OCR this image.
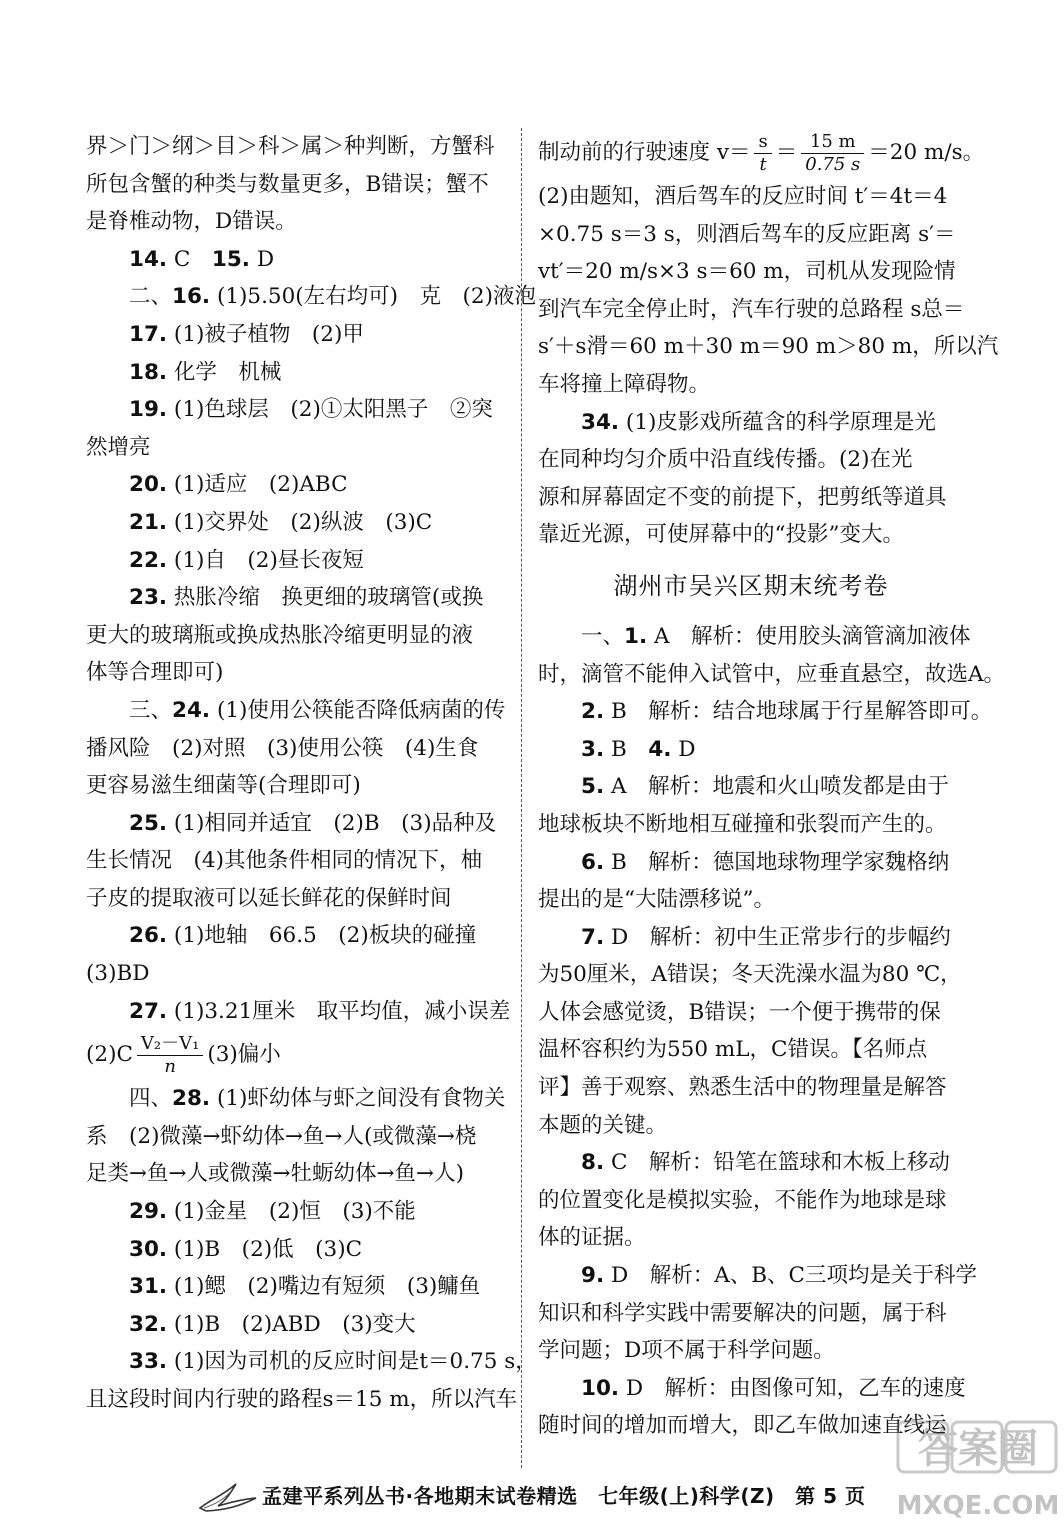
界＞门＞纲＞目＞科＞属＞种判断，方蟹科
所包含蟹的种类与数量更多，B错误；蟹不
是脊椎动物，D错误。
14. C　15. D
二、16. (1)5.50(左右均可)　克　(2)液泡
17. (1)被子植物　(2)甲
18. 化学　机械
19. (1)色球层　(2)①太阳黑子　②突
然增亮
20. (1)适应　(2)ABC
21. (1)交界处　(2)纵波　(3)C
22. (1)自　(2)昼长夜短
23. 热胀冷缩　换更细的玻璃管(或换
更大的玻璃瓶或换成热胀冷缩更明显的液
体等合理即可)
三、24. (1)使用公筷能否降低病菌的传
播风险　(2)对照　(3)使用公筷　(4)生食
更容易滋生细菌等(合理即可)
25. (1)相同并适宜　(2)B　(3)品种及
生长情况　(4)其他条件相同的情况下，柚
子皮的提取液可以延长鲜花的保鲜时间
26. (1)地轴　66.5　(2)板块的碰撞
(3)BD
27. (1)3.21厘米　取平均值，减小误差
$(2)C \frac{\text{V₂－V₁}}{n} (3)$偏小
四、28. (1)虾幼体与虾之间没有食物关
系　(2)微藻→虾幼体→鱼→人(或微藻→桡
足类→鱼→人或微藻→牡蛎幼体→鱼→人)
29. (1)金星　(2)恒　(3)不能
30. (1)B　(2)低　(3)C
31. (1)鳃　(2)嘴边有短须　(3)鳙鱼
32. (1)B　(2)ABD　(3)变大
33. (1)因为司机的反应时间是t＝0.75 s，
且这段时间内行驶的路程s＝15 m，所以汽车
制动前的行驶速度 $v= \frac{s}{t} = \frac{15 m}{0.75 s} =20$ m/s。
(2)由题知，酒后驾车的反应时间 t′＝4t＝4
×0.75 s＝3 s，则酒后驾车的反应距离 s′＝
vt′＝20 m/s×3 s＝60 m，司机从发现险情
到汽车完全停止时，汽车行驶的总路程 s总＝
s′＋s滑＝60 m＋30 m＝90 m＞80 m，所以汽
车将撞上障碍物。
34. (1)皮影戏所蕴含的科学原理是光
在同种均匀介质中沿直线传播。(2)在光
源和屏幕固定不变的前提下，把剪纸等道具
靠近光源，可使屏幕中的“投影”变大。
湖州市吴兴区期末统考卷
一、1. A　解析：使用胶头滴管滴加液体
时，滴管不能伸入试管中，应垂直悬空，故选A。
2. B　解析：结合地球属于行星解答即可。
3. B　4. D
5. A　解析：地震和火山喷发都是由于
地球板块不断地相互碰撞和张裂而产生的。
6. B　解析：德国地球物理学家魏格纳
提出的是“大陆漂移说”。
7. D　解析：初中生正常步行的步幅约
为50厘米，A错误；冬天洗澡水温为80 ℃，
人体会感觉烫，B错误；一个便于携带的保
温杯容积约为550 mL，C错误。【名师点
评】善于观察、熟悉生活中的物理量是解答
本题的关键。
8. C　解析：铅笔在篮球和木板上移动
的位置变化是模拟实验，不能作为地球是球
体的证据。
9. D　解析：A、B、C三项均是关于科学
知识和科学实践中需要解决的问题，属于科
学问题；D项不属于科学问题。
10. D　解析：由图像可知，乙车的速度
随时间的增加而增大，即乙车做加速直线运
孟建平系列丛书·各地期末试卷精选　七年级(上)科学(Z)　第 5 页
答案圈
MXQE.COM
